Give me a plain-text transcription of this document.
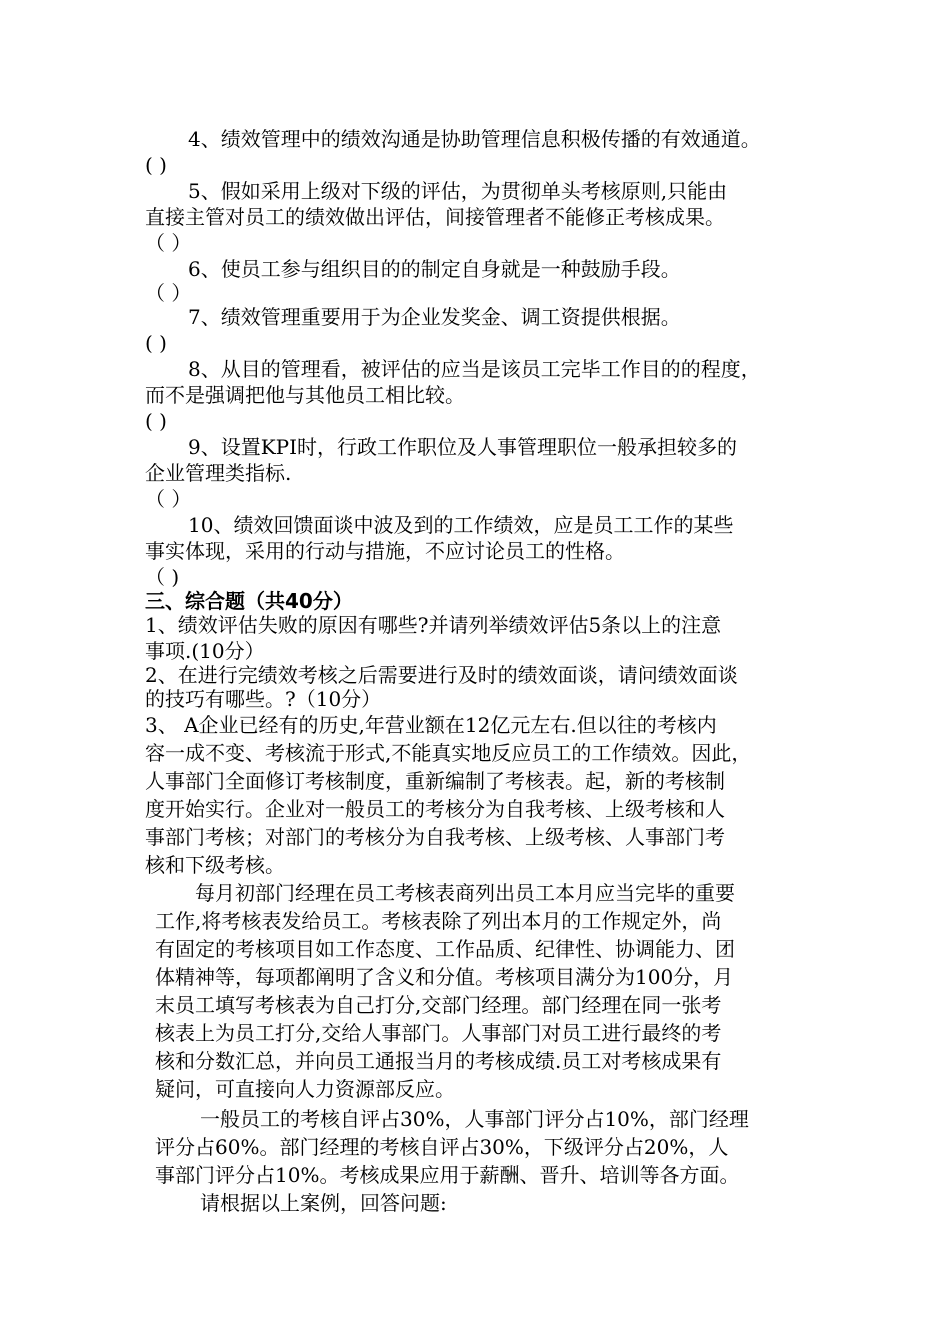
4、绩效管理中的绩效沟通是协助管理信息积极传播的有效通道。
( )
5、假如采用上级对下级的评估，为贯彻单头考核原则,只能由
直接主管对员工的绩效做出评估，间接管理者不能修正考核成果。
（ ）
6、使员工参与组织目的的制定自身就是一种鼓励手段。
（ ）
7、绩效管理重要用于为企业发奖金、调工资提供根据。
( )
8、从目的管理看，被评估的应当是该员工完毕工作目的的程度，
而不是强调把他与其他员工相比较。
( )
9、设置KPI时，行政工作职位及人事管理职位一般承担较多的
企业管理类指标.
（ ）
10、绩效回馈面谈中波及到的工作绩效，应是员工工作的某些
事实体现，采用的行动与措施，不应讨论员工的性格。
（ )
三、综合题（共40分）
1、绩效评估失败的原因有哪些?并请列举绩效评估5条以上的注意
事项.(10分）
2、在进行完绩效考核之后需要进行及时的绩效面谈，请问绩效面谈
的技巧有哪些。?（10分）
3、 A企业已经有的历史,年营业额在12亿元左右.但以往的考核内
容一成不变、考核流于形式,不能真实地反应员工的工作绩效。因此，
人事部门全面修订考核制度，重新编制了考核表。起，新的考核制
度开始实行。企业对一般员工的考核分为自我考核、上级考核和人
事部门考核；对部门的考核分为自我考核、上级考核、人事部门考
核和下级考核。
每月初部门经理在员工考核表商列出员工本月应当完毕的重要
工作,将考核表发给员工。考核表除了列出本月的工作规定外，尚
有固定的考核项目如工作态度、工作品质、纪律性、协调能力、团
体精神等，每项都阐明了含义和分值。考核项目满分为100分，月
末员工填写考核表为自己打分,交部门经理。部门经理在同一张考
核表上为员工打分,交给人事部门。人事部门对员工进行最终的考
核和分数汇总，并向员工通报当月的考核成绩.员工对考核成果有
疑问，可直接向人力资源部反应。
一般员工的考核自评占30%，人事部门评分占10%，部门经理
评分占60%。部门经理的考核自评占30%，下级评分占20%，人
事部门评分占10%。考核成果应用于薪酬、晋升、培训等各方面。
请根据以上案例，回答问题:
